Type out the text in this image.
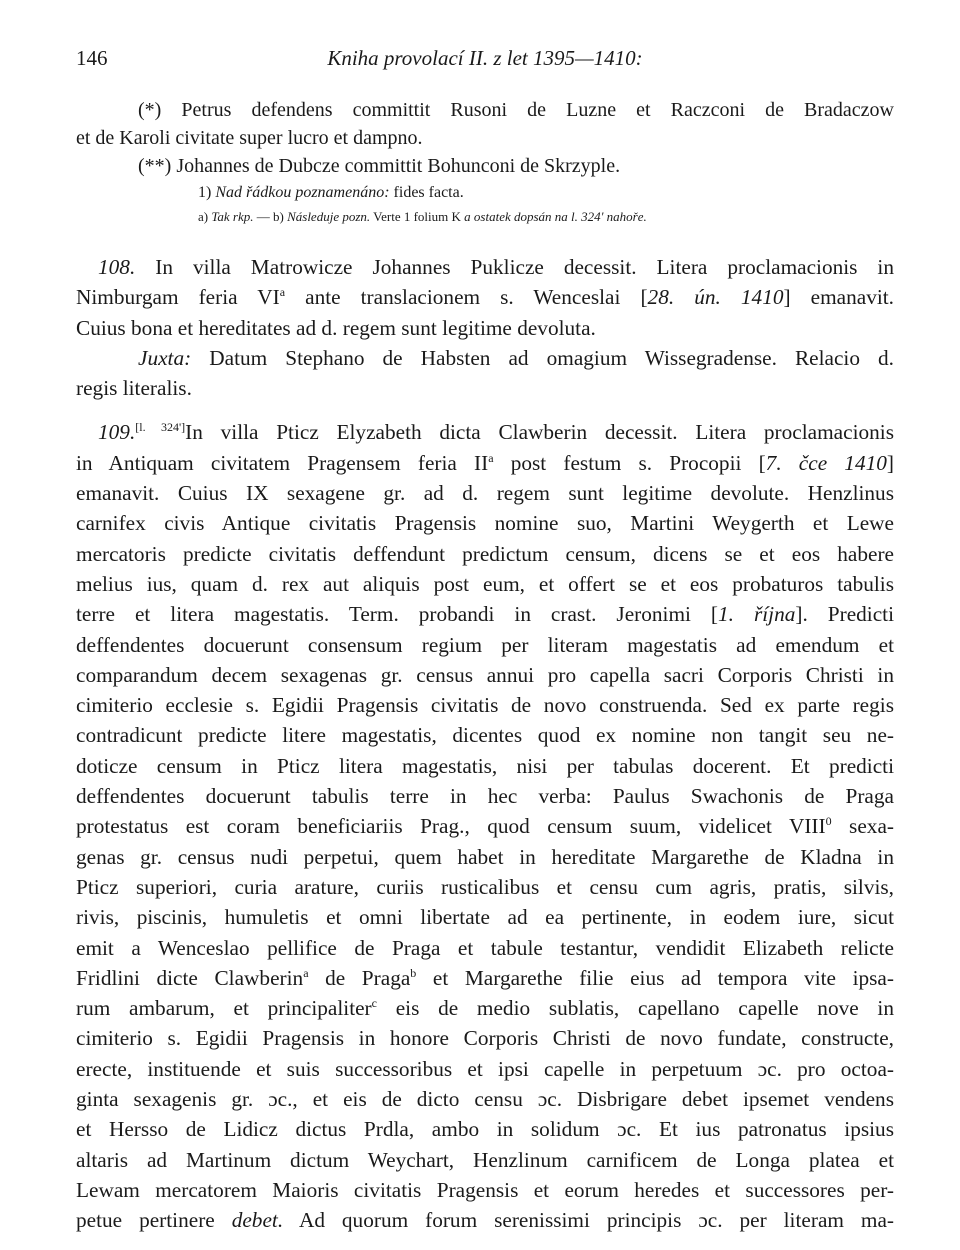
146	Kniha provolací II. z let 1395—1410:

(*) Petrus defendens committit Rusoni de Luzne et Raczconi de Bradaczow

et de Karoli civitate super lucro et dampno.

(**) Johannes de Dubcze committit Bohunconi de Skrzyple.

1) Nad řádkou poznamenáno: fides facta.

a) Tak rkp. — b) Následuje pozn. Verte 1 folium K a ostatek dopsán na l. 324' nahoře.

108. In villa Matrowicze Johannes Puklicze decessit. Litera proclamacionis in

Nimburgam feria $VI^a$ ante translacionem s. Wenceslai [28. ún. 1410] emanavit.

Cuius bona et hereditates ad d. regem sunt legitime devoluta.

Juxta: Datum Stephano de Habsten ad omagium Wissegradense. Relacio d.

regis literalis.

109.[l. 324']In villa Pticz Elyzabeth dicta Clawberin decessit. Litera proclamacionis

in Antiquam civitatem Pragensem feria $II^a$ post festum s. Procopii [7. čce 1410]

emanavit. Cuius IX sexagene gr. ad d. regem sunt legitime devolute. Henzlinus

carnifex civis Antique civitatis Pragensis nomine suo, Martini Weygerth et Lewe

mercatoris predicte civitatis deffendunt predictum censum, dicens se et eos habere

melius ius, quam d. rex aut aliquis post eum, et offert se et eos probaturos tabulis

terre et litera magestatis. Term. probandi in crast. Jeronimi [1. října]. Predicti

deffendentes docuerunt consensum regium per literam magestatis ad emendum et

comparandum decem sexagenas gr. census annui pro capella sacri Corporis Christi in

cimiterio ecclesie s. Egidii Pragensis civitatis de novo construenda. Sed ex parte regis

contradicunt predicte litere magestatis, dicentes quod ex nomine non tangit seu ne-

doticze censum in Pticz litera magestatis, nisi per tabulas docerent. Et predicti

deffendentes docuerunt tabulis terre in hec verba: Paulus Swachonis de Praga

protestatus est coram beneficiariis Prag., quod censum suum, videlicet VIII$^0$ sexa-

genas gr. census nudi perpetui, quem habet in hereditate Margarethe de Kladna in

Pticz superiori, curia arature, curiis rusticalibus et censu cum agris, pratis, silvis,

rivis, piscinis, humuletis et omni libertate ad ea pertinente, in eodem iure, sicut

emit a Wenceslao pellifice de Praga et tabule testantur, vendidit Elizabeth relicte

Fridlini dicte Clawberin$^a$ de Praga$^b$ et Margarethe filie eius ad tempora vite ipsa-

rum ambarum, et principaliter$^c$ eis de medio sublatis, capellano capelle nove in

cimiterio s. Egidii Pragensis in honore Corporis Christi de novo fundate, constructe,

erecte, instituende et suis successoribus et ipsi capelle in perpetuum ɔc. pro octoa-

ginta sexagenis gr. ɔc., et eis de dicto censu ɔc. Disbrigare debet ipsemet vendens

et Hersso de Lidicz dictus Prdla, ambo in solidum ɔc. Et ius patronatus ipsius

altaris ad Martinum dictum Weychart, Henzlinum carnificem de Longa platea et

Lewam mercatorem Maioris civitatis Pragensis et eorum heredes et successores per-

petue pertinere debet. Ad quorum forum serenissimi principis ɔc. per literam ma-
